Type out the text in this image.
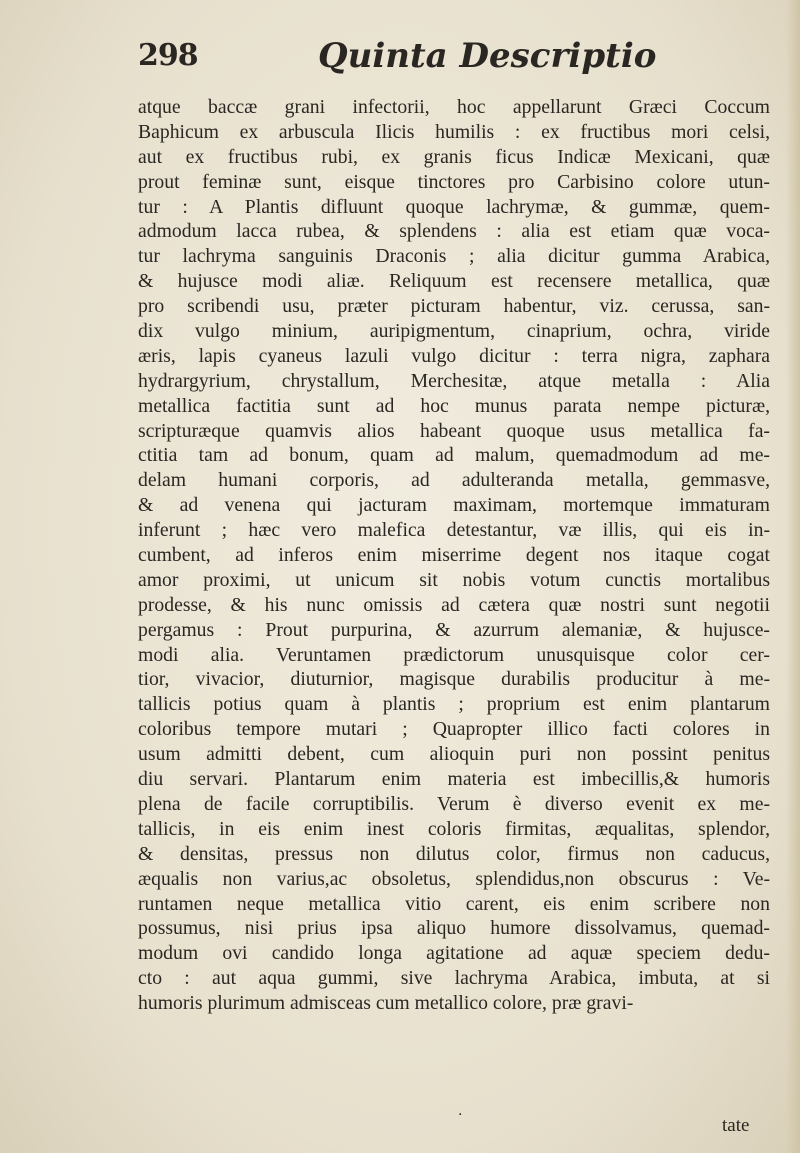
298	Quinta Descriptio
atque baccæ grani infectorii, hoc appellarunt Græci Coccum
Baphicum ex arbuscula Ilicis humilis : ex fructibus mori celsi,
aut ex fructibus rubi, ex granis ficus Indicæ Mexicani, quæ
prout feminæ sunt, eisque tinctores pro Carbisino colore utun-
tur : A Plantis difluunt quoque lachrymæ, & gummæ, quem-
admodum lacca rubea, & splendens : alia est etiam quæ voca-
tur lachryma sanguinis Draconis ; alia dicitur gumma Arabica,
& hujusce modi aliæ. Reliquum est recensere metallica, quæ
pro scribendi usu, præter picturam habentur, viz. cerussa, san-
dix vulgo minium, auripigmentum, cinaprium, ochra, viride
æris, lapis cyaneus lazuli vulgo dicitur : terra nigra, zaphara
hydrargyrium, chrystallum, Merchesitæ, atque metalla : Alia
metallica factitia sunt ad hoc munus parata nempe picturæ,
scripturæque quamvis alios habeant quoque usus metallica fa-
ctitia tam ad bonum, quam ad malum, quemadmodum ad me-
delam humani corporis, ad adulteranda metalla, gemmasve,
& ad venena qui jacturam maximam, mortemque immaturam
inferunt ; hæc vero malefica detestantur, væ illis, qui eis in-
cumbent, ad inferos enim miserrime degent nos itaque cogat
amor proximi, ut unicum sit nobis votum cunctis mortalibus
prodesse, & his nunc omissis ad cætera quæ nostri sunt negotii
pergamus : Prout purpurina, & azurrum alemaniæ, & hujusce-
modi alia. Veruntamen prædictorum unusquisque color cer-
tior, vivacior, diuturnior, magisque durabilis producitur à me-
tallicis potius quam à plantis ; proprium est enim plantarum
coloribus tempore mutari ; Quapropter illico facti colores in
usum admitti debent, cum alioquin puri non possint penitus
diu servari. Plantarum enim materia est imbecillis,& humoris
plena de facile corruptibilis. Verum è diverso evenit ex me-
tallicis, in eis enim inest coloris firmitas, æqualitas, splendor,
& densitas, pressus non dilutus color, firmus non caducus,
æqualis non varius,ac obsoletus, splendidus,non obscurus : Ve-
runtamen neque metallica vitio carent, eis enim scribere non
possumus, nisi prius ipsa aliquo humore dissolvamus, quemad-
modum ovi candido longa agitatione ad aquæ speciem dedu-
cto : aut aqua gummi, sive lachryma Arabica, imbuta, at si
humoris plurimum admisceas cum metallico colore, præ gravi-
.
tate
